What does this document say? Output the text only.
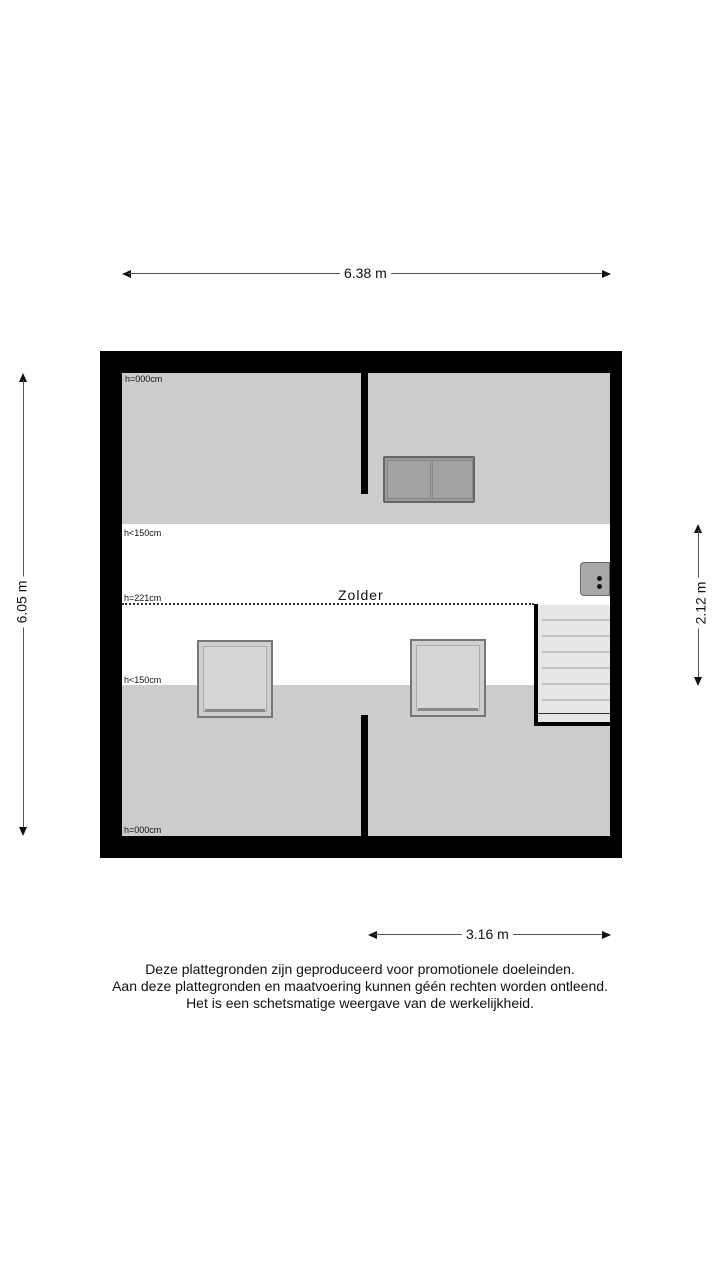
6.38 m
6.05 m	2.12 m
Zolder
h=000cm
h<150cm
h=221cm
h<150cm
h=000cm
3.16 m
Deze plattegronden zijn geproduceerd voor promotionele doeleinden.
Aan deze plattegronden en maatvoering kunnen géén rechten worden ontleend.
Het is een schetsmatige weergave van de werkelijkheid.
